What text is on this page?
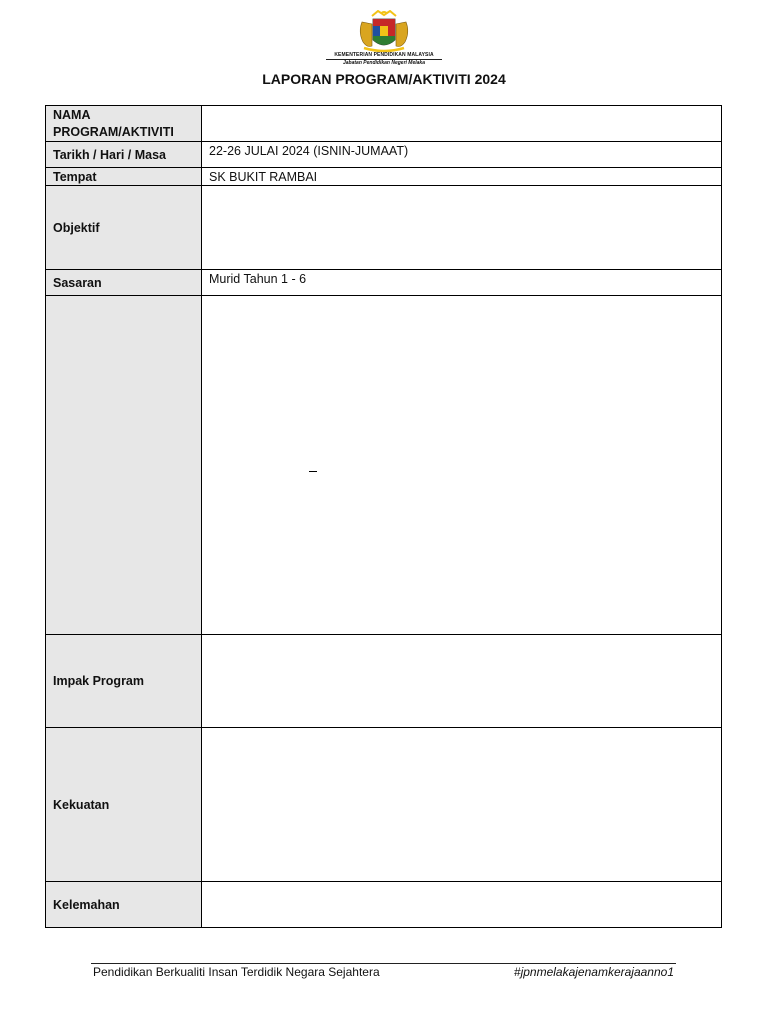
KEMENTERIAN PENDIDIKAN MALAYSIA
Jabatan Pendidikan Negeri Melaka
LAPORAN PROGRAM/AKTIVITI 2024
NAMA PROGRAM/AKTIVITI	
Tarikh / Hari / Masa	22-26 JULAI 2024 (ISNIN-JUMAAT)
Tempat	SK BUKIT RAMBAI
Objektif	
Sasaran	Murid Tahun 1 - 6

Impak Program	
Kekuatan	
Kelemahan	
Pendidikan Berkualiti Insan Terdidik Negara Sejahtera	#jpnmelakajenamkerajaanno1
